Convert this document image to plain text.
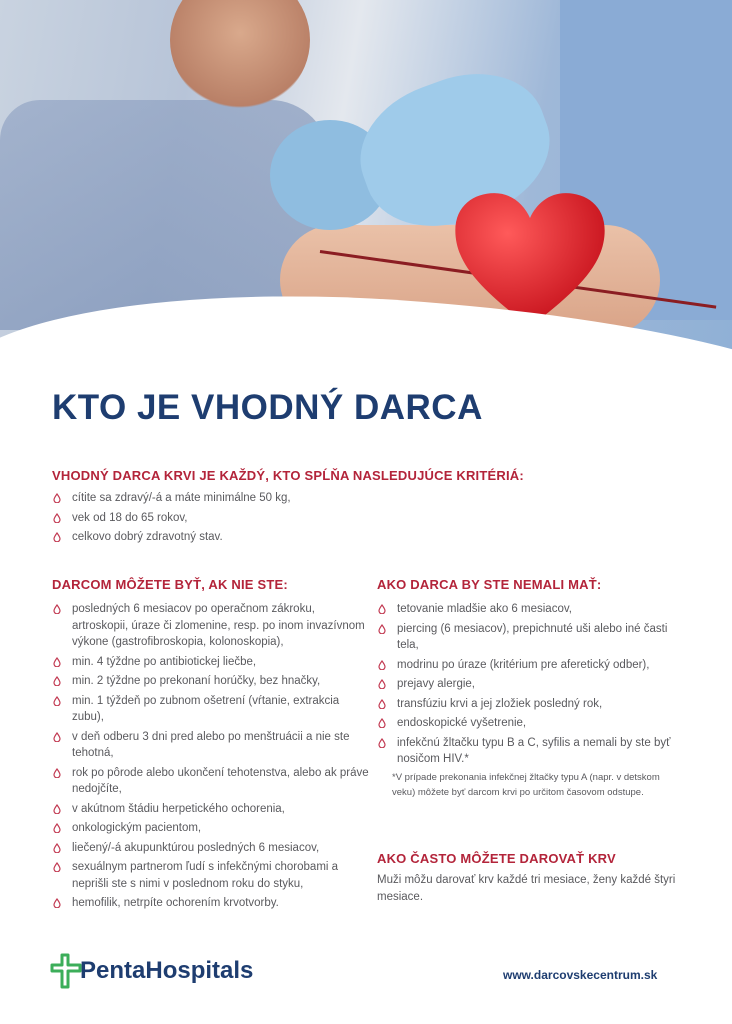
KTO JE VHODNÝ DARCA
VHODNÝ DARCA KRVI JE KAŽDÝ, KTO SPĹŇA NASLEDUJÚCE KRITÉRIÁ:
cítite sa zdravý/-á a máte minimálne 50 kg,
vek od 18 do 65 rokov,
celkovo dobrý zdravotný stav.
DARCOM MÔŽETE BYŤ, AK NIE STE:
posledných 6 mesiacov po operačnom zákroku, artroskopii, úraze či zlomenine, resp. po inom invazívnom výkone (gastrofibroskopia, kolonoskopia),
min. 4 týždne po antibiotickej liečbe,
min. 2 týždne po prekonaní horúčky, bez hnačky,
min. 1 týždeň po zubnom ošetrení (vŕtanie, extrakcia zubu),
v deň odberu 3 dni pred alebo po menštruácii a nie ste tehotná,
rok po pôrode alebo ukončení tehotenstva, alebo ak práve nedojčíte,
v akútnom štádiu herpetického ochorenia,
onkologickým pacientom,
liečený/-á akupunktúrou posledných 6 mesiacov,
sexuálnym partnerom ľudí s infekčnými chorobami a neprišli ste s nimi v poslednom roku do styku,
hemofilik, netrpíte ochorením krvotvorby.
AKO DARCA BY STE NEMALI MAŤ:
tetovanie mladšie ako 6 mesiacov,
piercing (6 mesiacov), prepichnuté uši alebo iné časti tela,
modrinu po úraze (kritérium pre aferetický odber),
prejavy alergie,
transfúziu krvi a jej zložiek posledný rok,
endoskopické vyšetrenie,
infekčnú žltačku typu B a C, syfilis a nemali by ste byť nosičom HIV.*
*V prípade prekonania infekčnej žltačky typu A (napr. v detskom veku) môžete byť darcom krvi po určitom časovom odstupe.
AKO ČASTO MÔŽETE DAROVAŤ KRV
Muži môžu darovať krv každé tri mesiace, ženy každé štyri mesiace.
PentaHospitals	www.darcovskecentrum.sk
